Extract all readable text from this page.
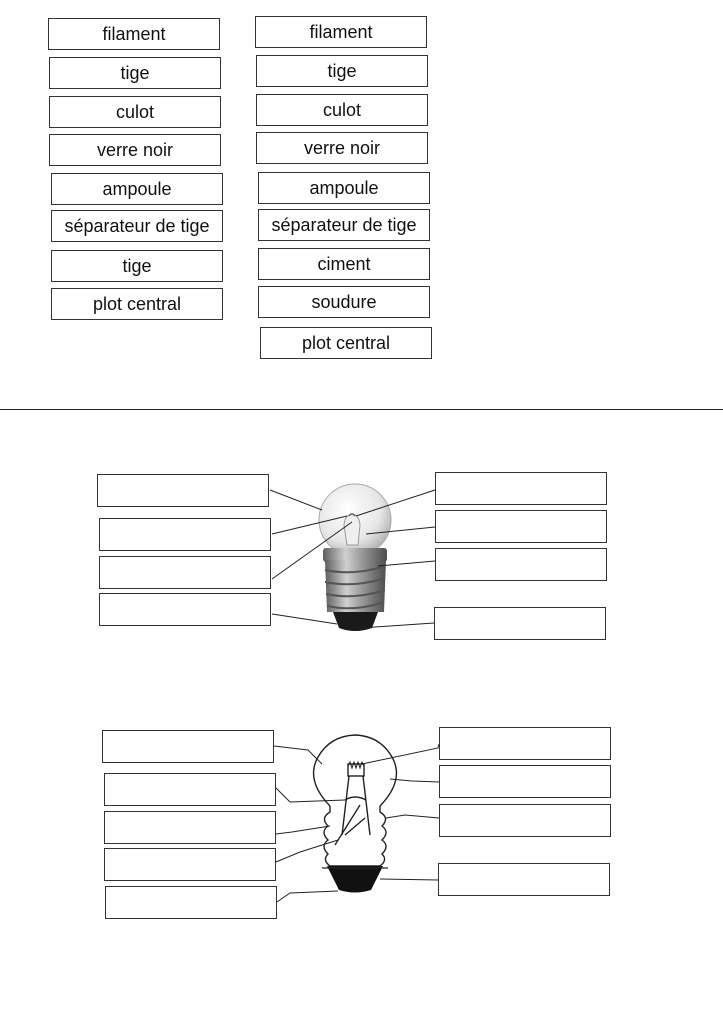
filament
tige
culot
verre noir
ampoule
séparateur de tige
tige
plot central
filament
tige
culot
verre noir
ampoule
séparateur de tige
ciment
soudure
plot central
